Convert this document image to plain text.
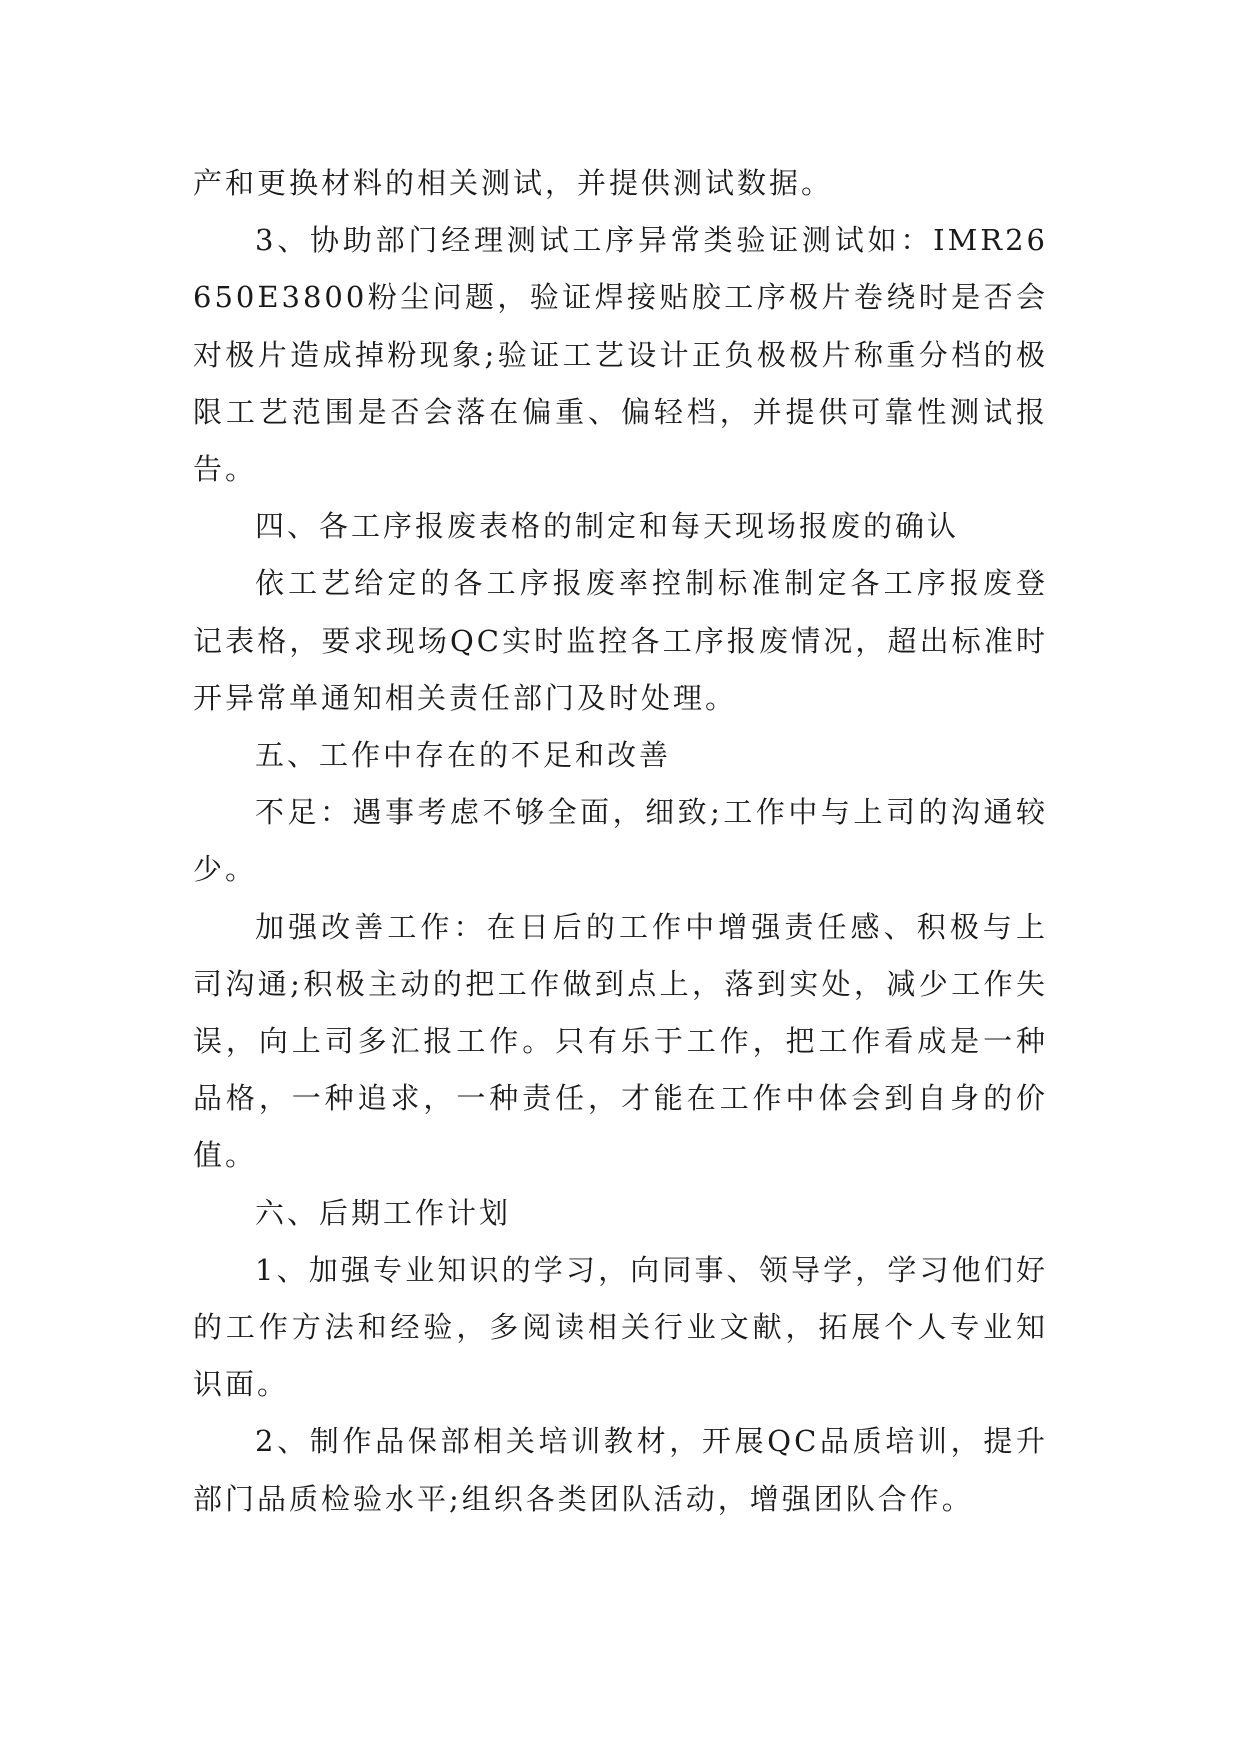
产和更换材料的相关测试，并提供测试数据。

3、协助部门经理测试工序异常类验证测试如：IMR26650E3800粉尘问题，验证焊接贴胶工序极片卷绕时是否会对极片造成掉粉现象;验证工艺设计正负极极片称重分档的极限工艺范围是否会落在偏重、偏轻档，并提供可靠性测试报告。

四、各工序报废表格的制定和每天现场报废的确认

依工艺给定的各工序报废率控制标准制定各工序报废登记表格，要求现场QC实时监控各工序报废情况，超出标准时开异常单通知相关责任部门及时处理。

五、工作中存在的不足和改善

不足：遇事考虑不够全面，细致;工作中与上司的沟通较少。

加强改善工作：在日后的工作中增强责任感、积极与上司沟通;积极主动的把工作做到点上，落到实处，减少工作失误，向上司多汇报工作。只有乐于工作，把工作看成是一种品格，一种追求，一种责任，才能在工作中体会到自身的价值。

六、后期工作计划

1、加强专业知识的学习，向同事、领导学，学习他们好的工作方法和经验，多阅读相关行业文献，拓展个人专业知识面。

2、制作品保部相关培训教材，开展QC品质培训，提升部门品质检验水平;组织各类团队活动，增强团队合作。
